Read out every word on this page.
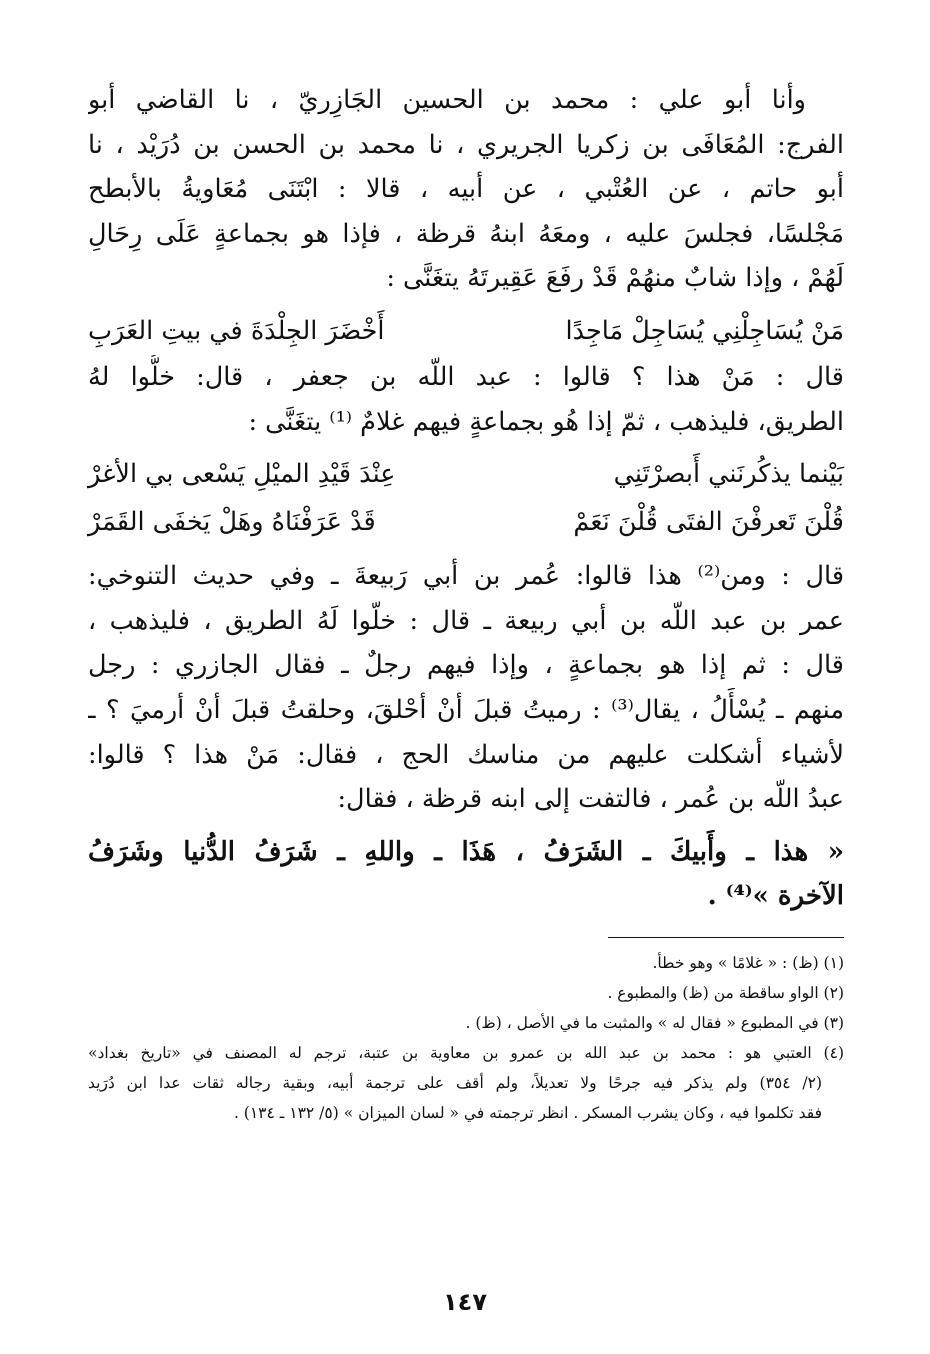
وأنا أبو علي : محمد بن الحسين الجَازِريّ ، نا القاضي أبو
الفرج: المُعَافَى بن زكريا الجريري ، نا محمد بن الحسن بن دُرَيْد ، نا
أبو حاتم ، عن العُتْبي ، عن أبيه ، قالا : ابْتَنَى مُعَاويةُ بالأبطح
مَجْلسًا، فجلسَ عليه ، ومعَهُ ابنهُ قرظة ، فإذا هو بجماعةٍ عَلَى رِحَالِ
لَهُمْ ، وإذا شابٌ منهُمْ قَدْ رفَعَ عَقِيرتَهُ يتغَنَّى :
مَنْ يُسَاجِلْنِي يُسَاجِلْ مَاجِدًا
أَخْضَرَ الجِلْدَةَ في بيتِ العَرَبِ
قال : مَنْ هذا ؟ قالوا : عبد اللّه بن جعفر ، قال: خلُّوا لهُ
الطريق، فليذهب ، ثمّ إذا هُو بجماعةٍ فيهم غلامٌ ⁽¹⁾ يتغَنَّى :
بَيْنما يذكُرنَني أَبصرْتَنِي
عِنْدَ قَيْدِ الميْلِ يَسْعى بي الأغرْ
قُلْنَ تَعرفْنَ الفتَى قُلْنَ نَعَمْ
قَدْ عَرَفْنَاهُ وهَلْ يَخفَى القَمَرْ
قال : ومن⁽²⁾ هذا قالوا: عُمر بن أبي رَبيعةَ ـ وفي حديث التنوخي:
عمر بن عبد اللّه بن أبي ربيعة ـ قال : خلّوا لَهُ الطريق ، فليذهب ،
قال : ثم إذا هو بجماعةٍ ، وإذا فيهم رجلٌ ـ فقال الجازري : رجل
منهم ـ يُسْأَلُ ، يقال⁽³⁾ : رميتُ قبلَ أنْ أحْلقَ، وحلقتُ قبلَ أنْ أرميَ ؟ ـ
لأشياء أشكلت عليهم من مناسك الحج ، فقال: مَنْ هذا ؟ قالوا:
عبدُ اللّه بن عُمر ، فالتفت إلى ابنه قرظة ، فقال:
« هذا ـ وأَبيكَ ـ الشَرَفُ ، هَذَا ـ واللهِ ـ شَرَفُ الدُّنيا وشَرَفُ
الآخرة »⁽⁴⁾ .
(١) (ظ) : « غلامًا » وهو خطأ.
(٢) الواو ساقطة من (ظ) والمطبوع .
(٣) في المطبوع « فقال له » والمثبت ما في الأصل ، (ظ) .
(٤) العتبي هو : محمد بن عبد الله بن عمرو بن معاوية بن عتبة، ترجم له المصنف في «تاريخ بغداد»
(٢/ ٣٥٤) ولم يذكر فيه جرحًا ولا تعديلاً، ولم أقف على ترجمة أبيه، وبقية رجاله ثقات عدا ابن دُرَيد
فقد تكلموا فيه ، وكان يشرب المسكر . انظر ترجمته في « لسان الميزان » (٥/ ١٣٢ ـ ١٣٤) .
١٤٧
